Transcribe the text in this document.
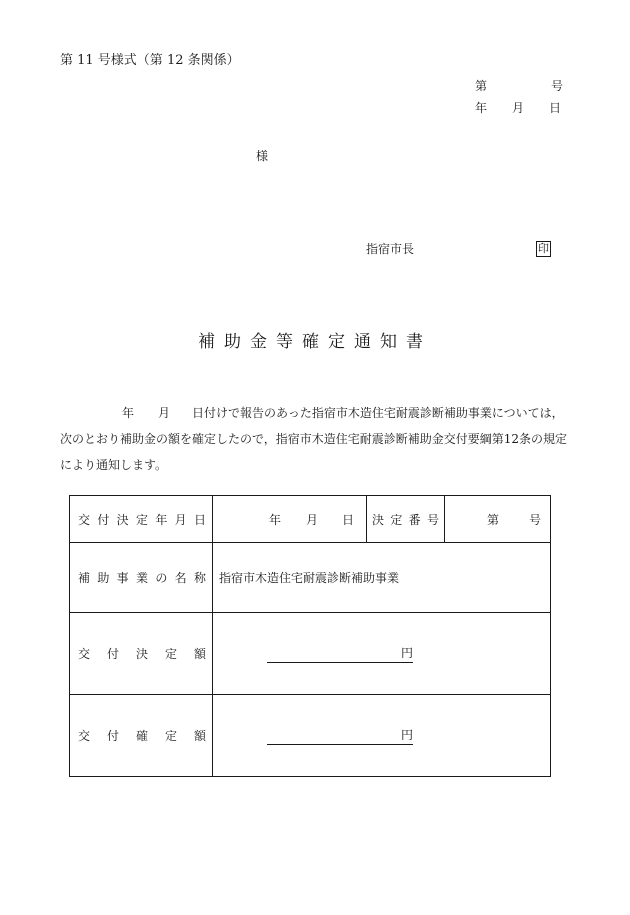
第 11 号様式（第 12 条関係）
第	号
年 月 日
様
指宿市長	印
補助金等確定通知書
年 月 日付けで報告のあった指宿市木造住宅耐震診断補助事業については，次のとおり補助金の額を確定したので，指宿市木造住宅耐震診断補助金交付要綱第12条の規定により通知します。
交付決定年月日	年 月 日	決定番号	第 号

補助事業の名称	指宿市木造住宅耐震診断補助事業		
交付決定額	円		
交付確定額	円		
